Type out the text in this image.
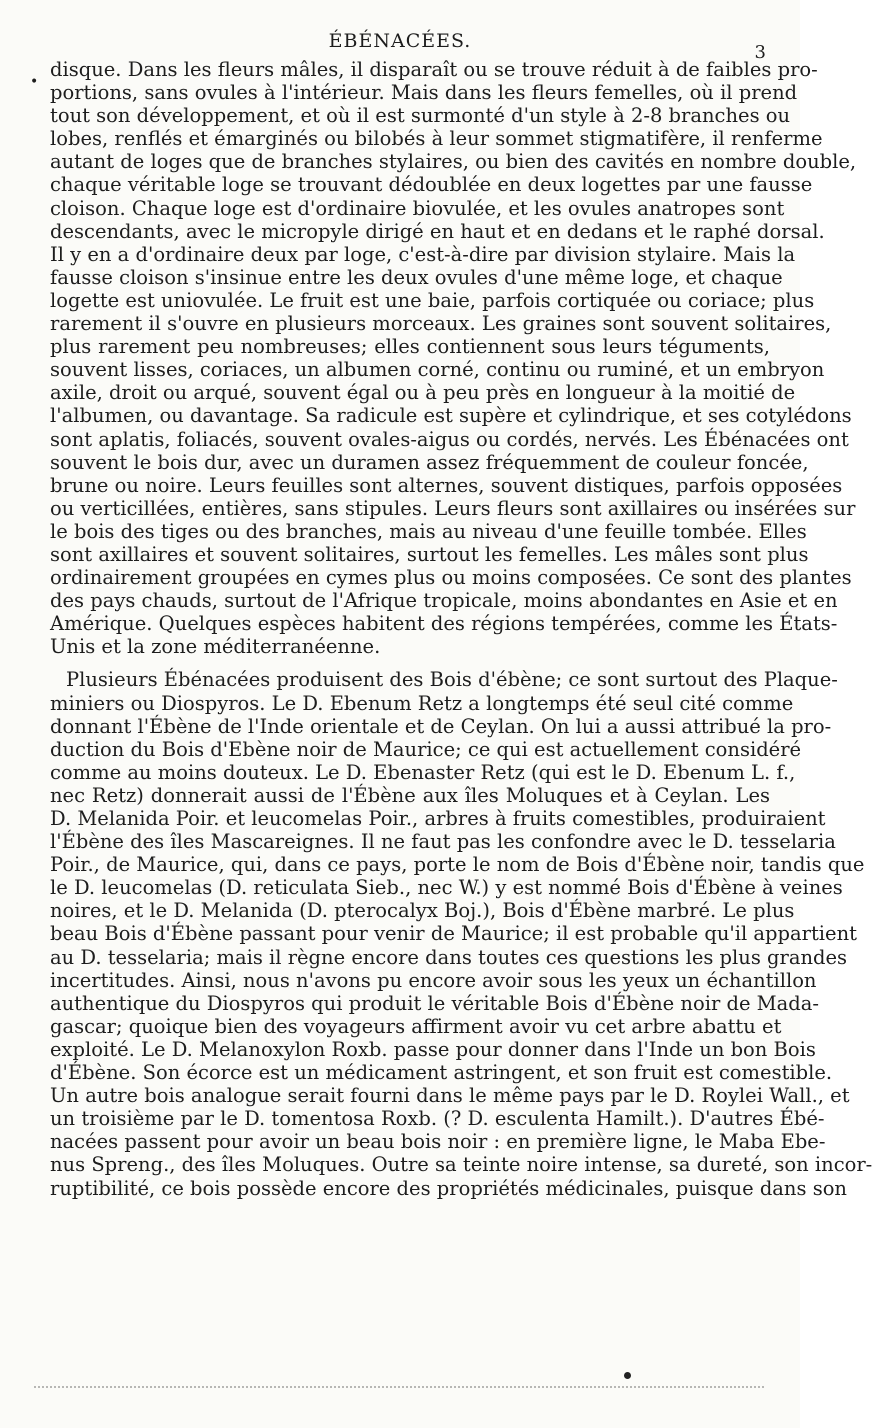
ÉBÉNACÉES.
3
•
disque. Dans les fleurs mâles, il disparaît ou se trouve réduit à de faibles pro-
portions, sans ovules à l'intérieur. Mais dans les fleurs femelles, où il prend
tout son développement, et où il est surmonté d'un style à 2-8 branches ou
lobes, renflés et émarginés ou bilobés à leur sommet stigmatifère, il renferme
autant de loges que de branches stylaires, ou bien des cavités en nombre double,
chaque véritable loge se trouvant dédoublée en deux logettes par une fausse
cloison. Chaque loge est d'ordinaire biovulée, et les ovules anatropes sont
descendants, avec le micropyle dirigé en haut et en dedans et le raphé dorsal.
Il y en a d'ordinaire deux par loge, c'est-à-dire par division stylaire. Mais la
fausse cloison s'insinue entre les deux ovules d'une même loge, et chaque
logette est uniovulée. Le fruit est une baie, parfois cortiquée ou coriace; plus
rarement il s'ouvre en plusieurs morceaux. Les graines sont souvent solitaires,
plus rarement peu nombreuses; elles contiennent sous leurs téguments,
souvent lisses, coriaces, un albumen corné, continu ou ruminé, et un embryon
axile, droit ou arqué, souvent égal ou à peu près en longueur à la moitié de
l'albumen, ou davantage. Sa radicule est supère et cylindrique, et ses cotylédons
sont aplatis, foliacés, souvent ovales-aigus ou cordés, nervés. Les Ébénacées ont
souvent le bois dur, avec un duramen assez fréquemment de couleur foncée,
brune ou noire. Leurs feuilles sont alternes, souvent distiques, parfois opposées
ou verticillées, entières, sans stipules. Leurs fleurs sont axillaires ou insérées sur
le bois des tiges ou des branches, mais au niveau d'une feuille tombée. Elles
sont axillaires et souvent solitaires, surtout les femelles. Les mâles sont plus
ordinairement groupées en cymes plus ou moins composées. Ce sont des plantes
des pays chauds, surtout de l'Afrique tropicale, moins abondantes en Asie et en
Amérique. Quelques espèces habitent des régions tempérées, comme les États-
Unis et la zone méditerranéenne.
Plusieurs Ébénacées produisent des Bois d'ébène; ce sont surtout des Plaque-
miniers ou Diospyros. Le D. Ebenum Retz a longtemps été seul cité comme
donnant l'Ébène de l'Inde orientale et de Ceylan. On lui a aussi attribué la pro-
duction du Bois d'Ebène noir de Maurice; ce qui est actuellement considéré
comme au moins douteux. Le D. Ebenaster Retz (qui est le D. Ebenum L. f.,
nec Retz) donnerait aussi de l'Ébène aux îles Moluques et à Ceylan. Les
D. Melanida Poir. et leucomelas Poir., arbres à fruits comestibles, produiraient
l'Ébène des îles Mascareignes. Il ne faut pas les confondre avec le D. tesselaria
Poir., de Maurice, qui, dans ce pays, porte le nom de Bois d'Ébène noir, tandis que
le D. leucomelas (D. reticulata Sieb., nec W.) y est nommé Bois d'Ébène à veines
noires, et le D. Melanida (D. pterocalyx Boj.), Bois d'Ébène marbré. Le plus
beau Bois d'Ébène passant pour venir de Maurice; il est probable qu'il appartient
au D. tesselaria; mais il règne encore dans toutes ces questions les plus grandes
incertitudes. Ainsi, nous n'avons pu encore avoir sous les yeux un échantillon
authentique du Diospyros qui produit le véritable Bois d'Ébène noir de Mada-
gascar; quoique bien des voyageurs affirment avoir vu cet arbre abattu et
exploité. Le D. Melanoxylon Roxb. passe pour donner dans l'Inde un bon Bois
d'Ébène. Son écorce est un médicament astringent, et son fruit est comestible.
Un autre bois analogue serait fourni dans le même pays par le D. Roylei Wall., et
un troisième par le D. tomentosa Roxb. (? D. esculenta Hamilt.). D'autres Ébé-
nacées passent pour avoir un beau bois noir : en première ligne, le Maba Ebe-
nus Spreng., des îles Moluques. Outre sa teinte noire intense, sa dureté, son incor-
ruptibilité, ce bois possède encore des propriétés médicinales, puisque dans son
